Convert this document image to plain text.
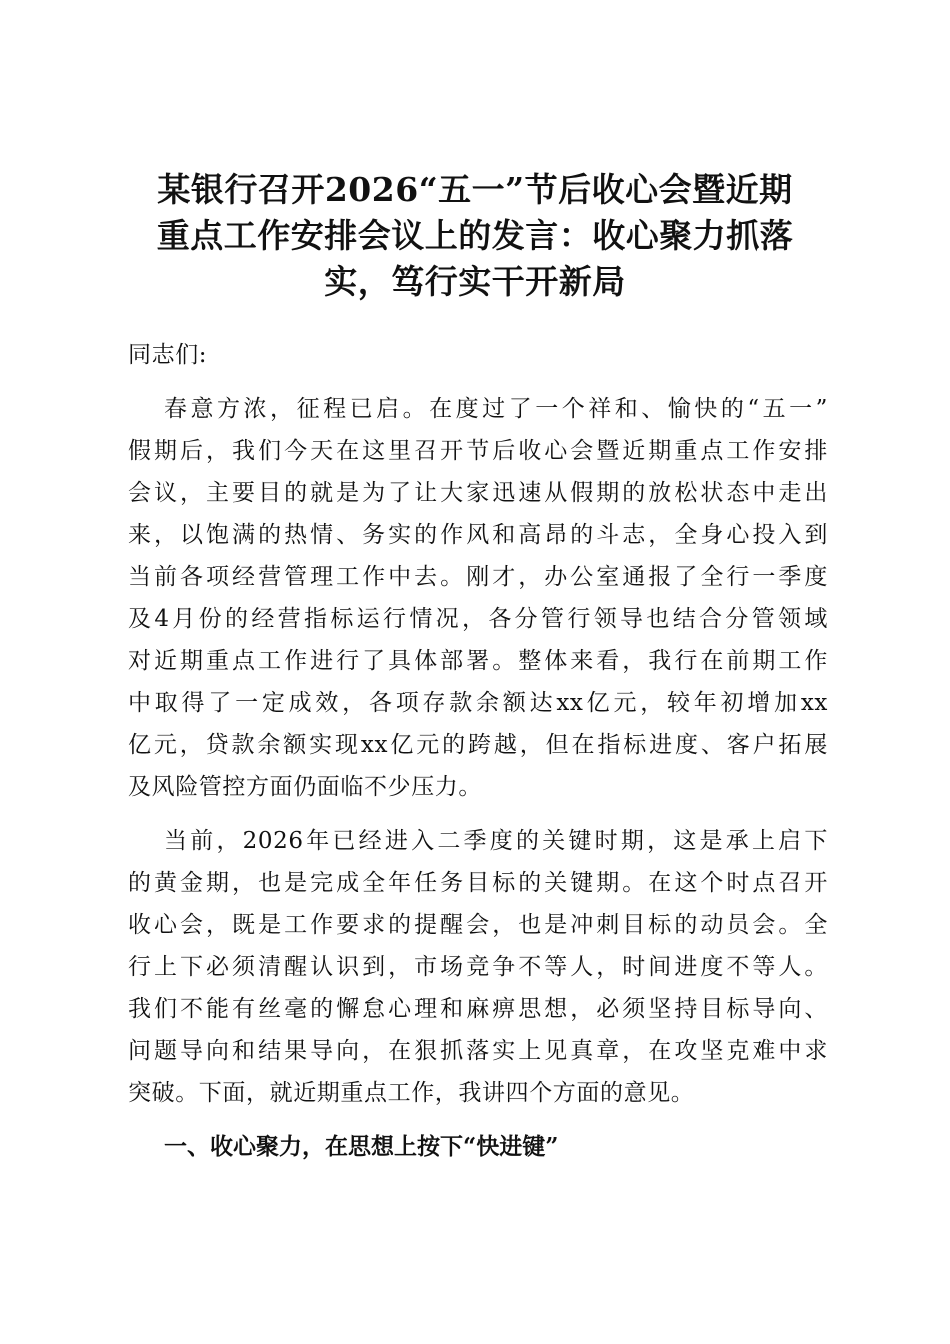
某银行召开2026“五一”节后收心会暨近期
重点工作安排会议上的发言：收心聚力抓落
实，笃行实干开新局
同志们:
春意方浓，征程已启。在度过了一个祥和、愉快的“五一”
假期后，我们今天在这里召开节后收心会暨近期重点工作安排
会议，主要目的就是为了让大家迅速从假期的放松状态中走出
来，以饱满的热情、务实的作风和高昂的斗志，全身心投入到
当前各项经营管理工作中去。刚才，办公室通报了全行一季度
及4月份的经营指标运行情况，各分管行领导也结合分管领域
对近期重点工作进行了具体部署。整体来看，我行在前期工作
中取得了一定成效，各项存款余额达xx亿元，较年初增加xx
亿元，贷款余额实现xx亿元的跨越，但在指标进度、客户拓展
及风险管控方面仍面临不少压力。
当前，2026年已经进入二季度的关键时期，这是承上启下
的黄金期，也是完成全年任务目标的关键期。在这个时点召开
收心会，既是工作要求的提醒会，也是冲刺目标的动员会。全
行上下必须清醒认识到，市场竞争不等人，时间进度不等人。
我们不能有丝毫的懈怠心理和麻痹思想，必须坚持目标导向、
问题导向和结果导向，在狠抓落实上见真章，在攻坚克难中求
突破。下面，就近期重点工作，我讲四个方面的意见。
一、收心聚力，在思想上按下“快进键”
